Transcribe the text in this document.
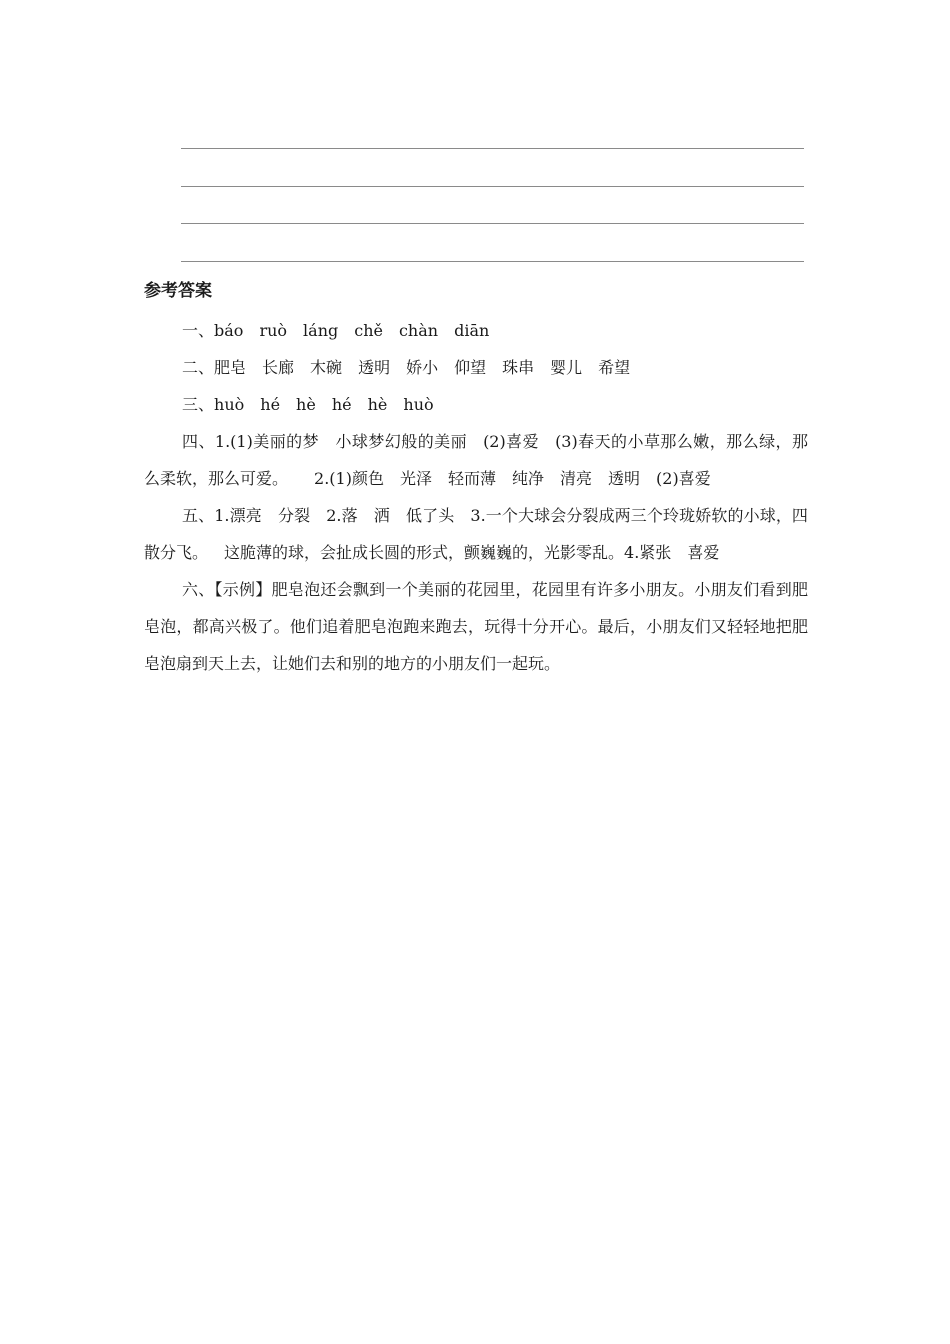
参考答案

一、báo ruò láng chě chàn diān

二、肥皂 长廊 木碗 透明 娇小 仰望 珠串 婴儿 希望

三、huò hé hè hé hè huò

四、1.(1)美丽的梦 小球梦幻般的美丽 (2)喜爱 (3)春天的小草那么嫩，那么绿，那么柔软，那么可爱。 2.(1)颜色 光泽 轻而薄 纯净 清亮 透明 (2)喜爱

五、1.漂亮 分裂 2.落 洒 低了头 3.一个大球会分裂成两三个玲珑娇软的小球，四散分飞。 这脆薄的球，会扯成长圆的形式，颤巍巍的，光影零乱。4.紧张 喜爱

六、【示例】肥皂泡还会飘到一个美丽的花园里，花园里有许多小朋友。小朋友们看到肥皂泡，都高兴极了。他们追着肥皂泡跑来跑去，玩得十分开心。最后，小朋友们又轻轻地把肥皂泡扇到天上去，让她们去和别的地方的小朋友们一起玩。
